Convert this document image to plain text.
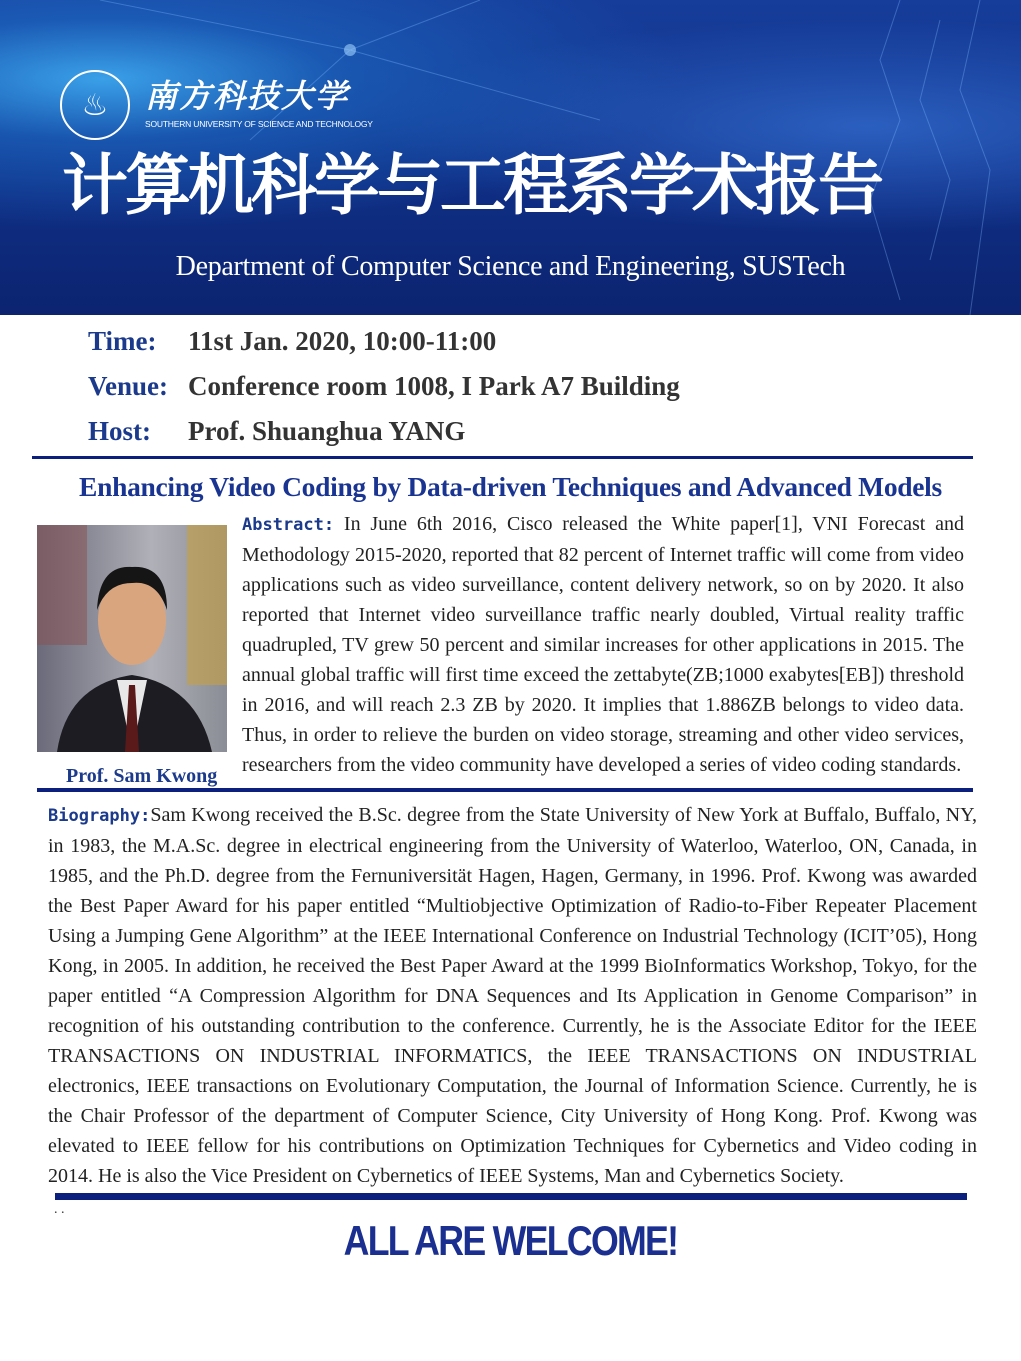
♨	南方科技大学
SOUTHERN UNIVERSITY OF SCIENCE AND TECHNOLOGY
计算机科学与工程系学术报告
Department of Computer Science and Engineering, SUSTech
Time: 11st Jan. 2020, 10:00-11:00
Venue: Conference room 1008, I Park A7 Building
Host: Prof. Shuanghua YANG
Enhancing Video Coding by Data-driven Techniques and Advanced Models
Prof. Sam Kwong
Abstract: In June 6th 2016, Cisco released the White paper[1], VNI Forecast and Methodology 2015-2020, reported that 82 percent of Internet traffic will come from video applications such as video surveillance, content delivery network, so on by 2020. It also reported that Internet video surveillance traffic nearly doubled, Virtual reality traffic quadrupled, TV grew 50 percent and similar increases for other applications in 2015. The annual global traffic will first time exceed the zettabyte(ZB;1000 exabytes[EB]) threshold in 2016, and will reach 2.3 ZB by 2020. It implies that 1.886ZB belongs to video data. Thus, in order to relieve the burden on video storage, streaming and other video services, researchers from the video community have developed a series of video coding standards.
Biography:Sam Kwong received the B.Sc. degree from the State University of New York at Buffalo, Buffalo, NY, in 1983, the M.A.Sc. degree in electrical engineering from the University of Waterloo, Waterloo, ON, Canada, in 1985, and the Ph.D. degree from the Fernuniversität Hagen, Hagen, Germany, in 1996. Prof. Kwong was awarded the Best Paper Award for his paper entitled “Multiobjective Optimization of Radio-to-Fiber Repeater Placement Using a Jumping Gene Algorithm” at the IEEE International Conference on Industrial Technology (ICIT’05), Hong Kong, in 2005. In addition, he received the Best Paper Award at the 1999 BioInformatics Workshop, Tokyo, for the paper entitled “A Compression Algorithm for DNA Sequences and Its Application in Genome Comparison” in recognition of his outstanding contribution to the conference. Currently, he is the Associate Editor for the IEEE TRANSACTIONS ON INDUSTRIAL INFORMATICS, the IEEE TRANSACTIONS ON INDUSTRIAL electronics, IEEE transactions on Evolutionary Computation, the Journal of Information Science. Currently, he is the Chair Professor of the department of Computer Science, City University of Hong Kong. Prof. Kwong was elevated to IEEE fellow for his contributions on Optimization Techniques for Cybernetics and Video coding in 2014. He is also the Vice President on Cybernetics of IEEE Systems, Man and Cybernetics Society.
. .
ALL ARE WELCOME!
